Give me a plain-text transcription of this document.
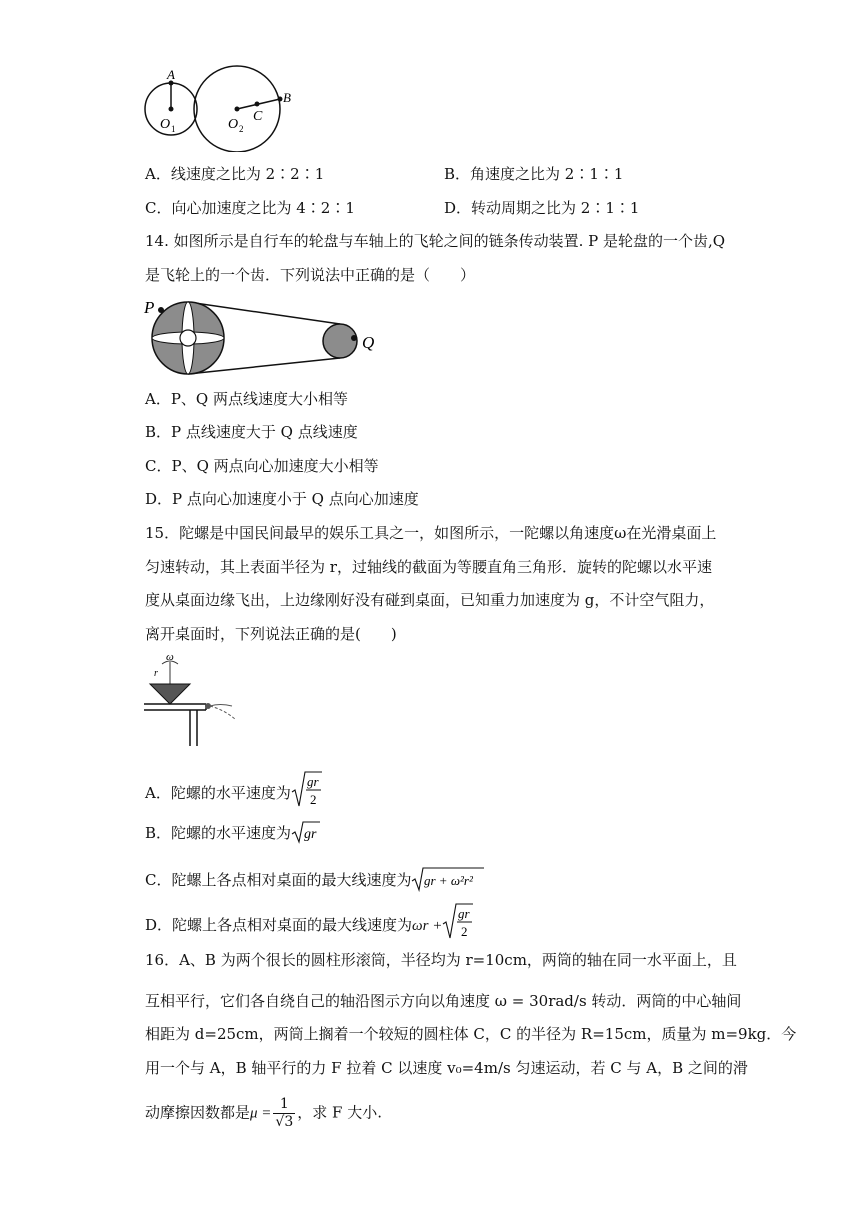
A
O 1	O 2
C
B
A．线速度之比为 2∶2∶1	B．角速度之比为 2∶1∶1
C．向心加速度之比为 4∶2∶1	D．转动周期之比为 2∶1∶1
14. 如图所示是自行车的轮盘与车轴上的飞轮之间的链条传动装置. P 是轮盘的一个齿,Q
是飞轮上的一个齿．下列说法中正确的是（　　）
P
Q
A．P、Q 两点线速度大小相等
B．P 点线速度大于 Q 点线速度
C．P、Q 两点向心加速度大小相等
D．P 点向心加速度小于 Q 点向心加速度
15．陀螺是中国民间最早的娱乐工具之一，如图所示，一陀螺以角速度ω在光滑桌面上
匀速转动，其上表面半径为 r，过轴线的截面为等腰直角三角形．旋转的陀螺以水平速
度从桌面边缘飞出，上边缘刚好没有碰到桌面，已知重力加速度为 g，不计空气阻力，
离开桌面时，下列说法正确的是(　　)
ω
r
A．陀螺的水平速度为
gr
2
B．陀螺的水平速度为 gr
C．陀螺上各点相对桌面的最大线速度为 gr + ω²r²
D．陀螺上各点相对桌面的最大线速度为ωr +
gr
2
16．A、B 为两个很长的圆柱形滚筒，半径均为 r=10cm，两筒的轴在同一水平面上，且
互相平行，它们各自绕自己的轴沿图示方向以角速度 ω = 30rad/s 转动．两筒的中心轴间
相距为 d=25cm，两筒上搁着一个较短的圆柱体 C，C 的半径为 R=15cm，质量为 m=9kg．今
用一个与 A，B 轴平行的力 F 拉着 C 以速度 v₀=4m/s 匀速运动，若 C 与 A，B 之间的滑
动摩擦因数都是$\mu = \frac{1}{√3}$ ，求 F 大小.
